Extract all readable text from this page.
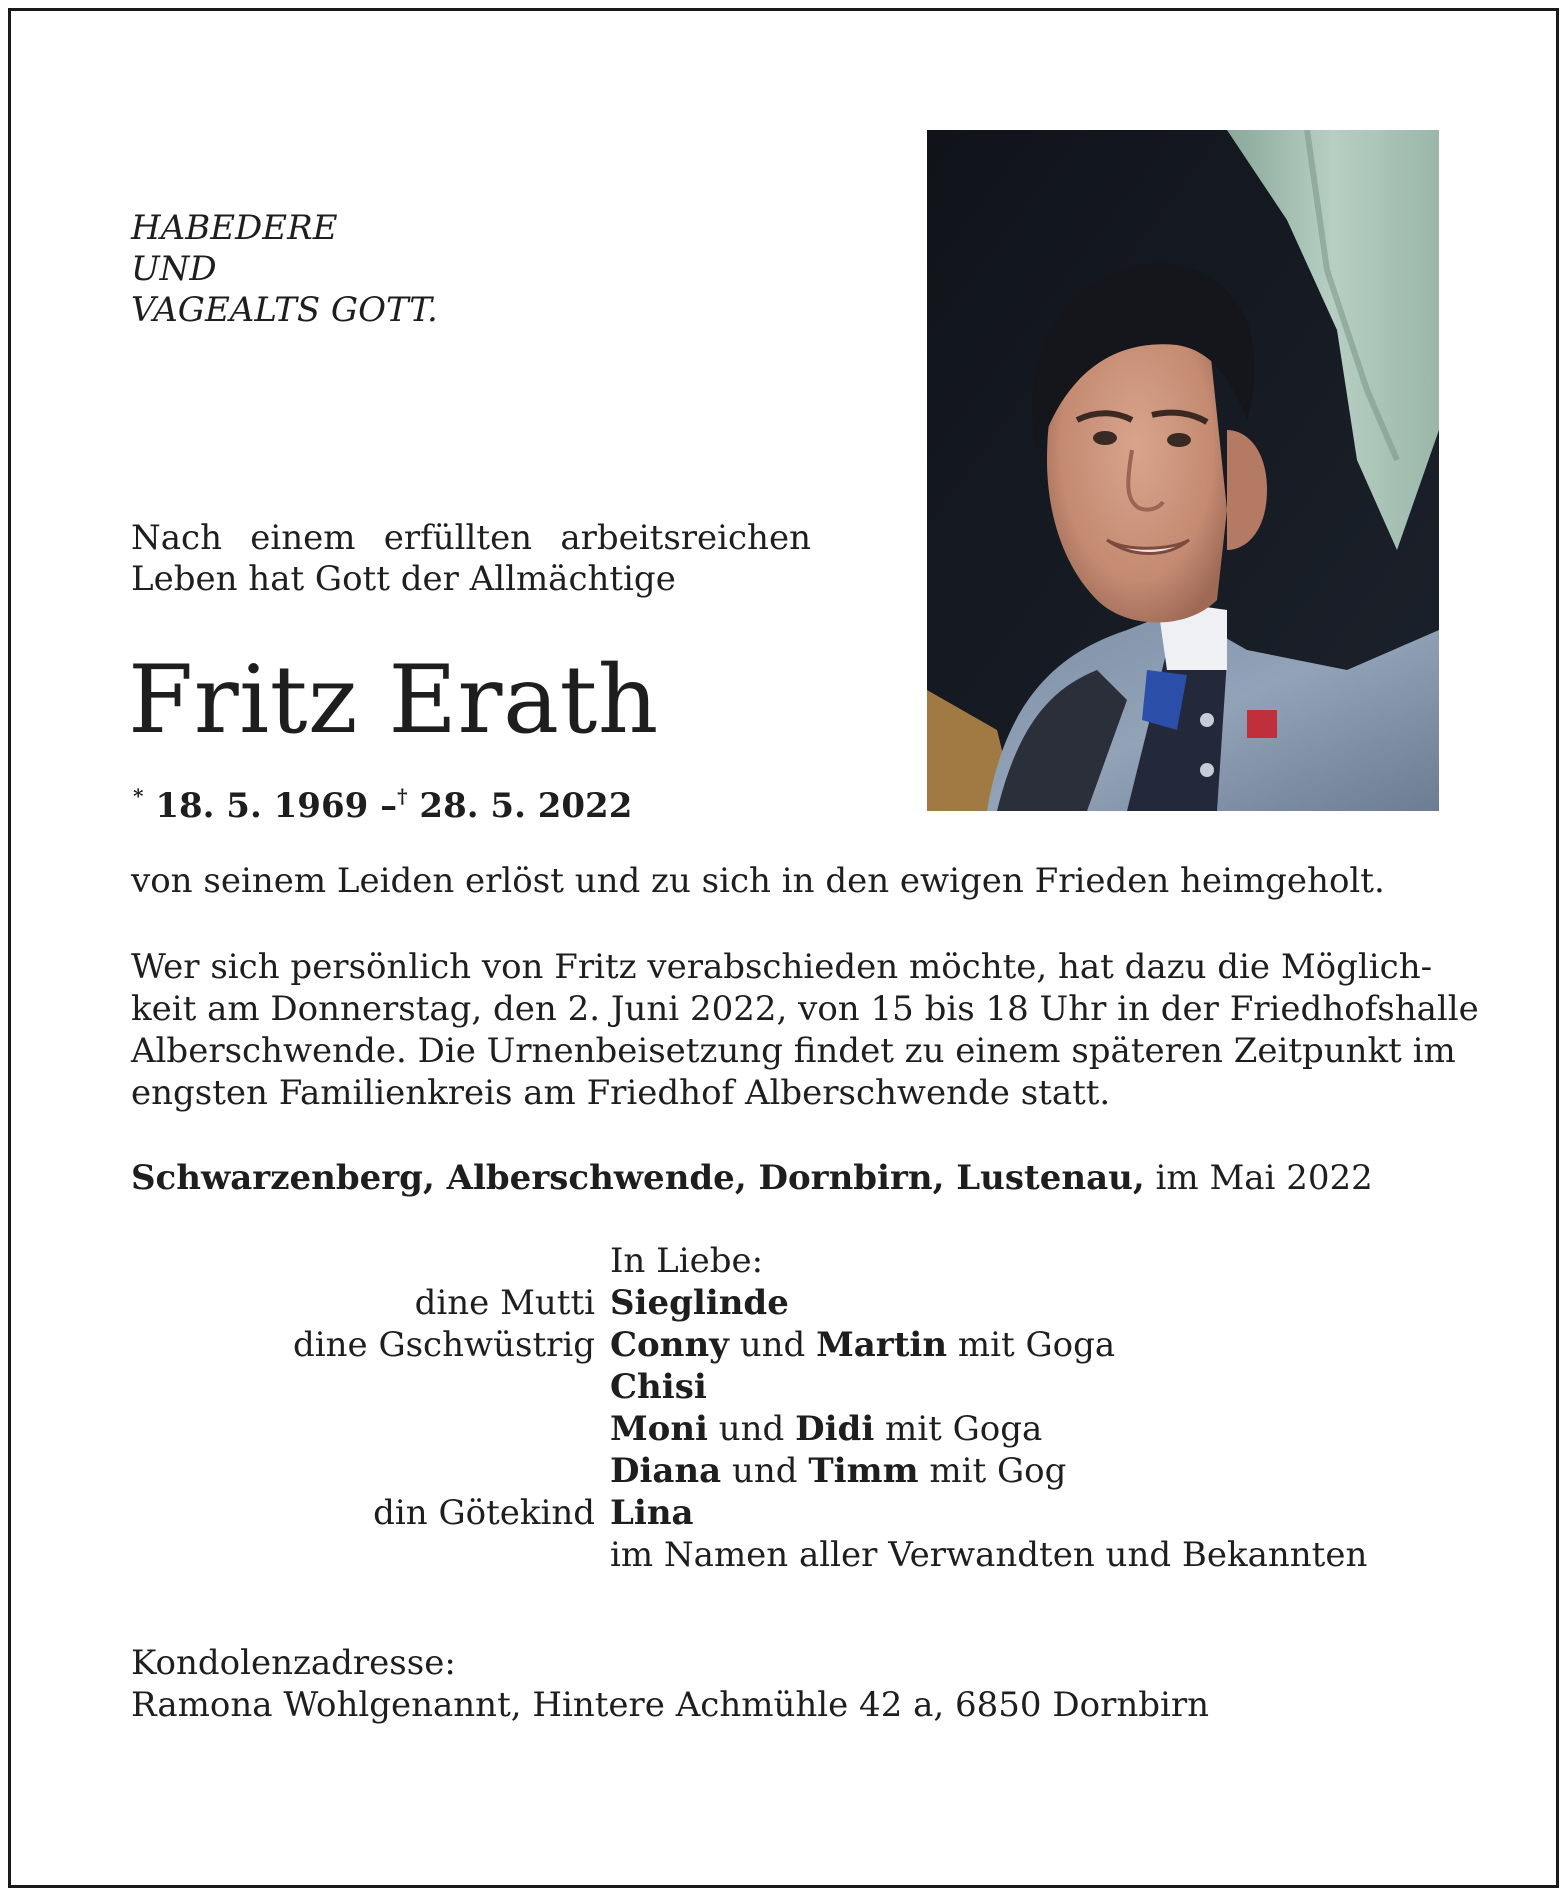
HABEDERE
UND
VAGEALTS GOTT.
Nach einem erfüllten arbeitsreichen
Leben hat Gott der Allmächtige
Fritz Erath
* 18. 5. 1969 –† 28. 5. 2022
von seinem Leiden erlöst und zu sich in den ewigen Frieden heimgeholt.
Wer sich persönlich von Fritz verabschieden möchte, hat dazu die Möglich-
keit am Donnerstag, den 2. Juni 2022, von 15 bis 18 Uhr in der Friedhofshalle
Alberschwende. Die Urnenbeisetzung findet zu einem späteren Zeitpunkt im
engsten Familienkreis am Friedhof Alberschwende statt.
Schwarzenberg, Alberschwende, Dornbirn, Lustenau, im Mai 2022
In Liebe:
dine Mutti Sieglinde
dine Gschwüstrig Conny und Martin mit Goga
Chisi
Moni und Didi mit Goga
Diana und Timm mit Gog
din Götekind Lina
im Namen aller Verwandten und Bekannten
Kondolenzadresse:
Ramona Wohlgenannt, Hintere Achmühle 42 a, 6850 Dornbirn
